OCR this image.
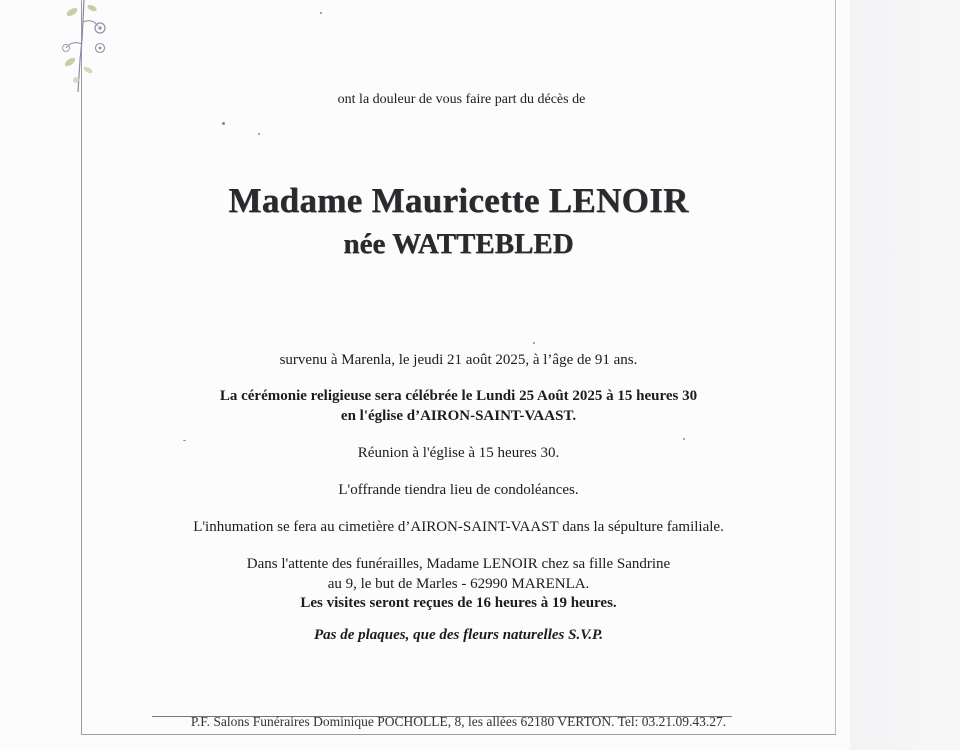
ont la douleur de vous faire part du décès de
Madame Mauricette LENOIR
née WATTEBLED
survenu à Marenla, le jeudi 21 août 2025, à l’âge de 91 ans.
La cérémonie religieuse sera célébrée le Lundi 25 Août 2025 à 15 heures 30
en l'église d’AIRON-SAINT-VAAST.
Réunion à l'église à 15 heures 30.
L'offrande tiendra lieu de condoléances.
L'inhumation se fera au cimetière d’AIRON-SAINT-VAAST dans la sépulture familiale.
Dans l'attente des funérailles, Madame LENOIR chez sa fille Sandrine
au 9, le but de Marles - 62990 MARENLA.
Les visites seront reçues de 16 heures à 19 heures.
Pas de plaques, que des fleurs naturelles S.V.P.
P.F. Salons Funéraires Dominique POCHOLLE, 8, les allées 62180 VERTON. Tel: 03.21.09.43.27.
